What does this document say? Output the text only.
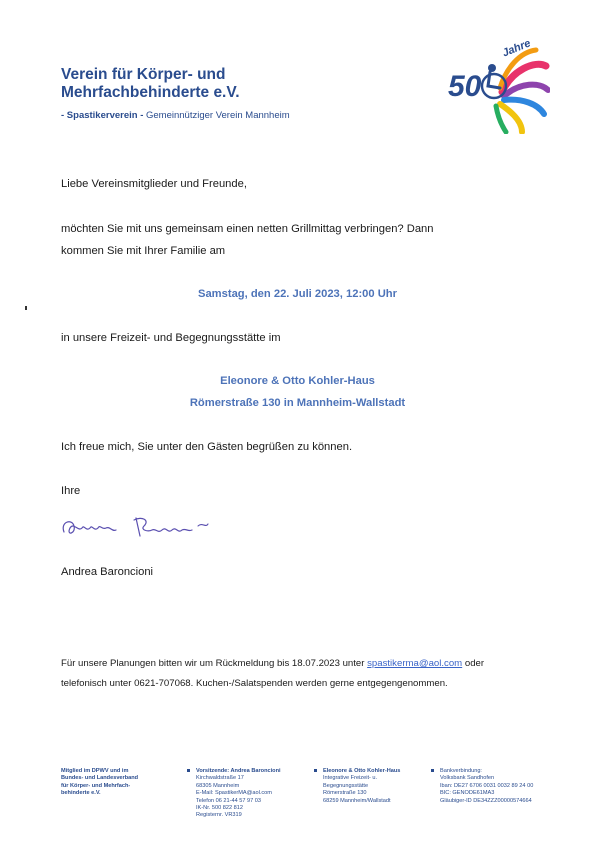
Verein für Körper- und
Mehrfachbehinderte e.V.
- Spastikerverein - Gemeinnütziger Verein Mannheim
50
Jahre
Liebe Vereinsmitglieder und Freunde,
möchten Sie mit uns gemeinsam einen netten Grillmittag verbringen? Dann
kommen Sie mit Ihrer Familie am
Samstag, den 22. Juli 2023, 12:00 Uhr
in unsere Freizeit- und Begegnungsstätte im
Eleonore & Otto Kohler-Haus
Römerstraße 130 in Mannheim-Wallstadt
Ich freue mich, Sie unter den Gästen begrüßen zu können.
Ihre
Andrea Baroncioni
Für unsere Planungen bitten wir um Rückmeldung bis 18.07.2023 unter spastikerma@aol.com oder
telefonisch unter 0621-707068. Kuchen-/Salatspenden werden gerne entgegengenommen.
Mitglied im DPWV und im
Bundes- und Landesverband
für Körper- und Mehrfach-
behinderte e.V.
Vorsitzende: Andrea Baroncioni
Kirchwaldstraße 17
68305 Mannheim
E-Mail: SpastikerMA@aol.com
Telefon 06 21-44 57 97 03
IK-Nr. 500 822 812
Registernr. VR319
Eleonore & Otto Kohler-Haus
Integrative Freizeit- u.
Begegnungsstätte
Römerstraße 130
68259 Mannheim/Wallstadt
Bankverbindung:
Volksbank Sandhofen
Iban: DE27 6706 0031 0032 89 24 00
BIC: GENODE61MA3
Gläubiger-ID DE34ZZZ00000574664
